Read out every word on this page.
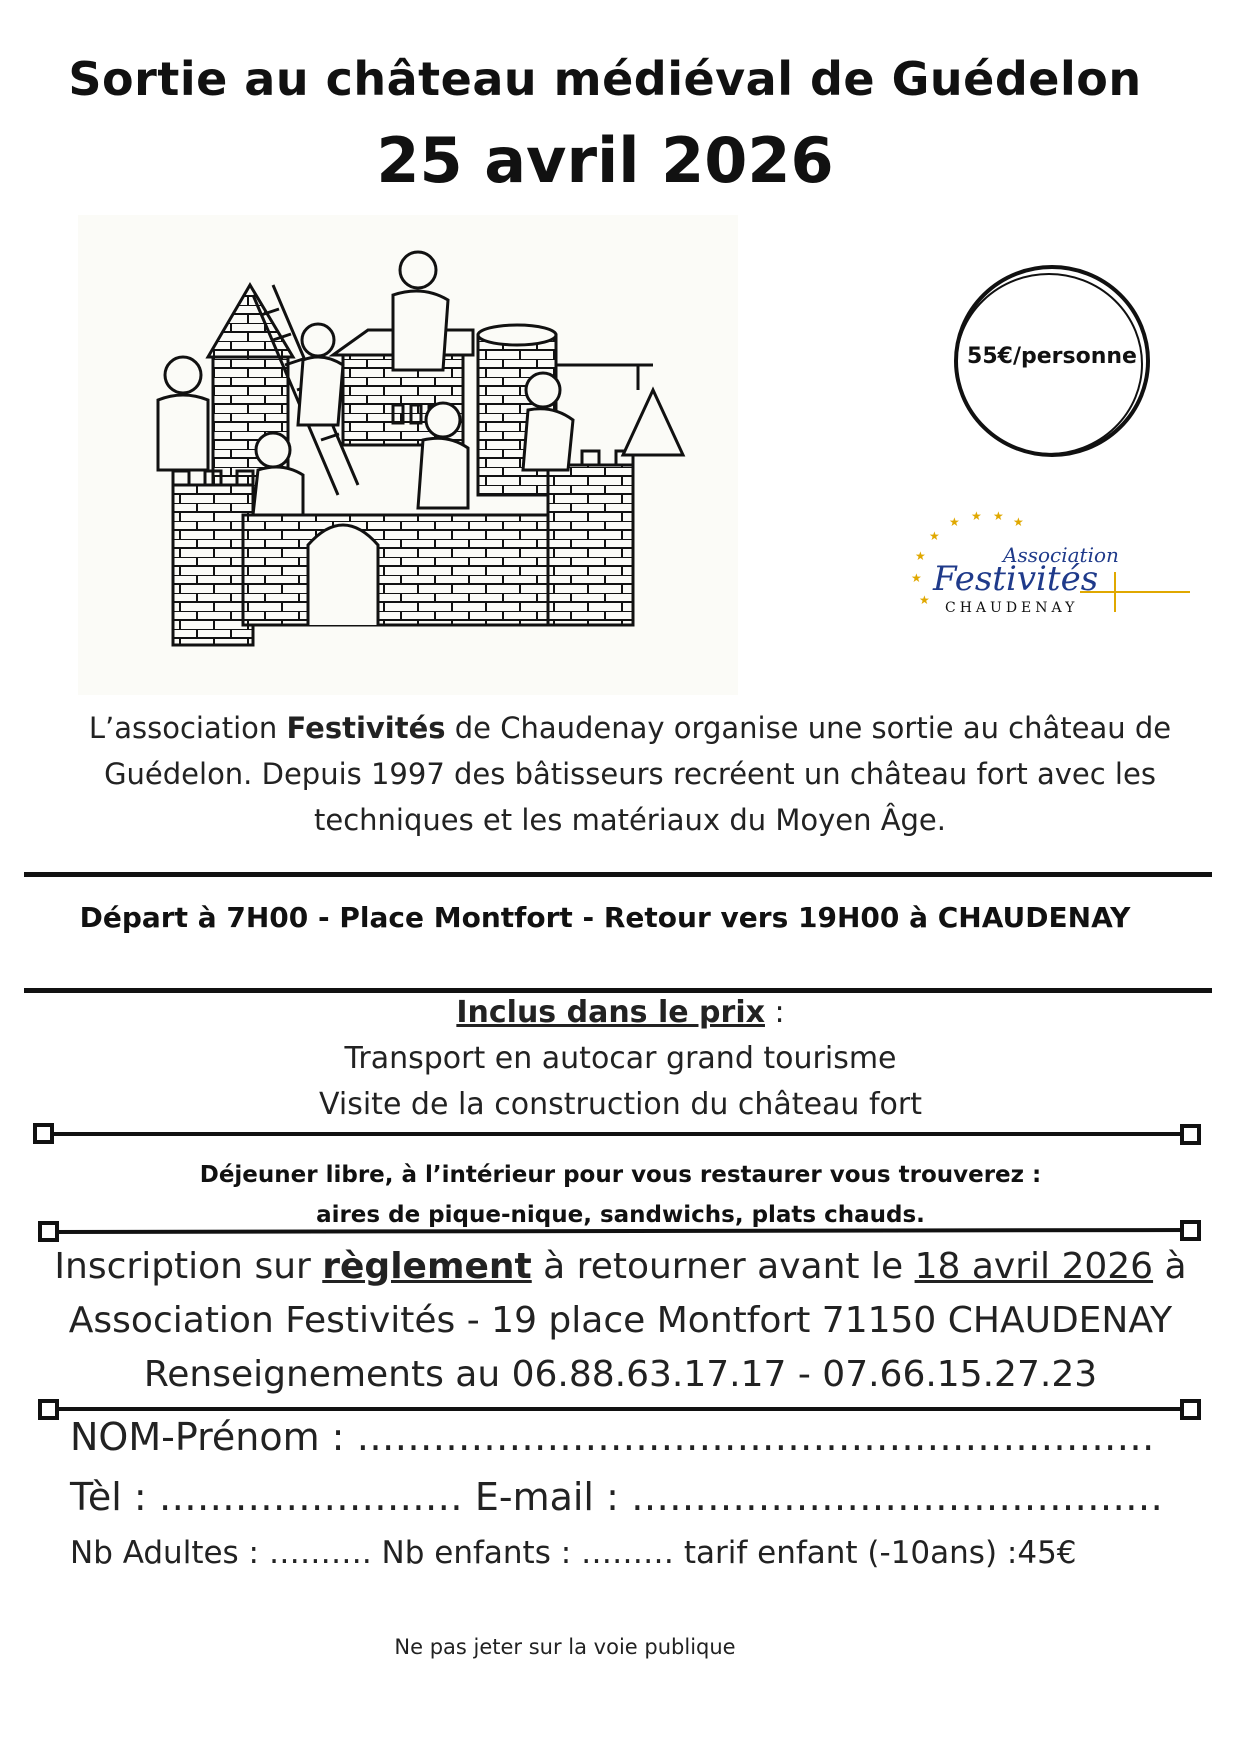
Sortie au château médiéval de Guédelon
25 avril 2026
55€/personne
★
★
★ ★ ★ ★
★
★
Association
Festivités
CHAUDENAY
L’association Festivités de Chaudenay organise une sortie au château de Guédelon. Depuis 1997 des bâtisseurs recréent un château fort avec les techniques et les matériaux du Moyen Âge.
Départ à 7H00 - Place Montfort - Retour vers 19H00 à CHAUDENAY
Inclus dans le prix :
Transport en autocar grand tourisme
Visite de la construction du château fort
Déjeuner libre, à l’intérieur pour vous restaurer vous trouverez :
aires de pique-nique, sandwichs, plats chauds.
Inscription sur règlement à retourner avant le 18 avril 2026 à
Association Festivités - 19 place Montfort 71150 CHAUDENAY
Renseignements au 06.88.63.17.17 - 07.66.15.27.23
NOM-Prénom : ………………………………………………………
Tèl : …………………… E-mail : ……………………………………
Nb Adultes : ………. Nb enfants : ……… tarif enfant (-10ans) :45€
Ne pas jeter sur la voie publique
